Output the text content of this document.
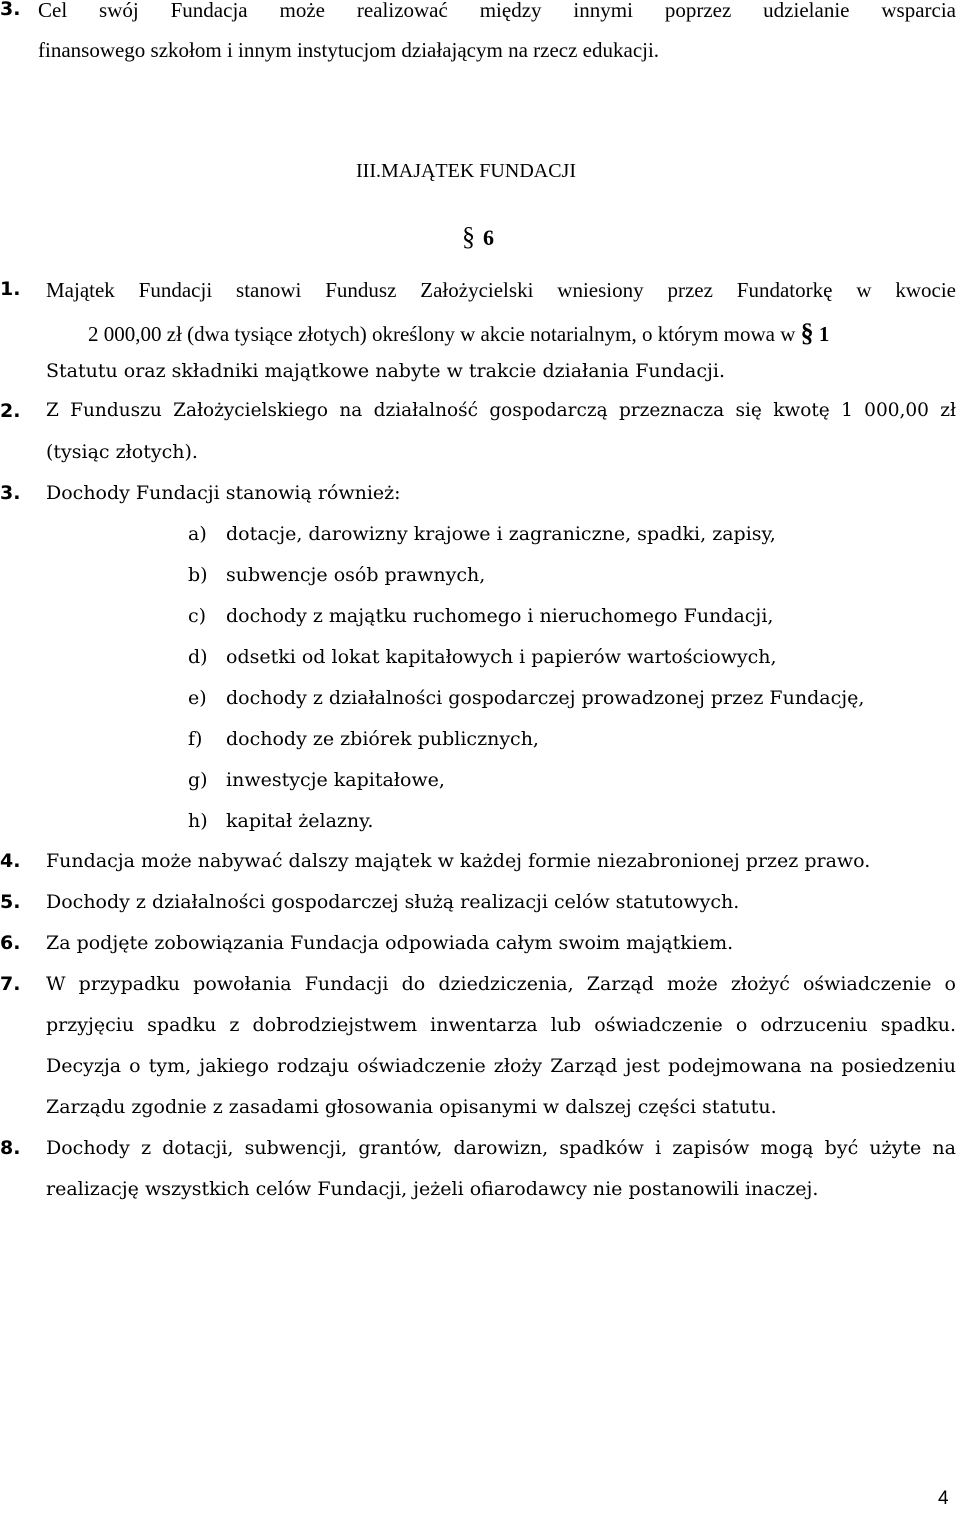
3. Cel swój Fundacja może realizować między innymi poprzez udzielanie wsparcia
finansowego szkołom i innym instytucjom działającym na rzecz edukacji.
III.MAJĄTEK FUNDACJI
§ 6
1. Majątek Fundacji stanowi Fundusz Założycielski wniesiony przez Fundatorkę w kwocie
2 000,00 zł (dwa tysiące złotych) określony w akcie notarialnym, o którym mowa w § 1
Statutu oraz składniki majątkowe nabyte w trakcie działania Fundacji.
2. Z Funduszu Założycielskiego na działalność gospodarczą przeznacza się kwotę 1 000,00 zł
(tysiąc złotych).
3. Dochody Fundacji stanowią również:
a) dotacje, darowizny krajowe i zagraniczne, spadki, zapisy,
b) subwencje osób prawnych,
c) dochody z majątku ruchomego i nieruchomego Fundacji,
d) odsetki od lokat kapitałowych i papierów wartościowych,
e) dochody z działalności gospodarczej prowadzonej przez Fundację,
f) dochody ze zbiórek publicznych,
g) inwestycje kapitałowe,
h) kapitał żelazny.
4. Fundacja może nabywać dalszy majątek w każdej formie niezabronionej przez prawo.
5. Dochody z działalności gospodarczej służą realizacji celów statutowych.
6. Za podjęte zobowiązania Fundacja odpowiada całym swoim majątkiem.
7. W przypadku powołania Fundacji do dziedziczenia, Zarząd może złożyć oświadczenie o
przyjęciu spadku z dobrodziejstwem inwentarza lub oświadczenie o odrzuceniu spadku.
Decyzja o tym, jakiego rodzaju oświadczenie złoży Zarząd jest podejmowana na posiedzeniu
Zarządu zgodnie z zasadami głosowania opisanymi w dalszej części statutu.
8. Dochody z dotacji, subwencji, grantów, darowizn, spadków i zapisów mogą być użyte na
realizację wszystkich celów Fundacji, jeżeli ofiarodawcy nie postanowili inaczej.
4
